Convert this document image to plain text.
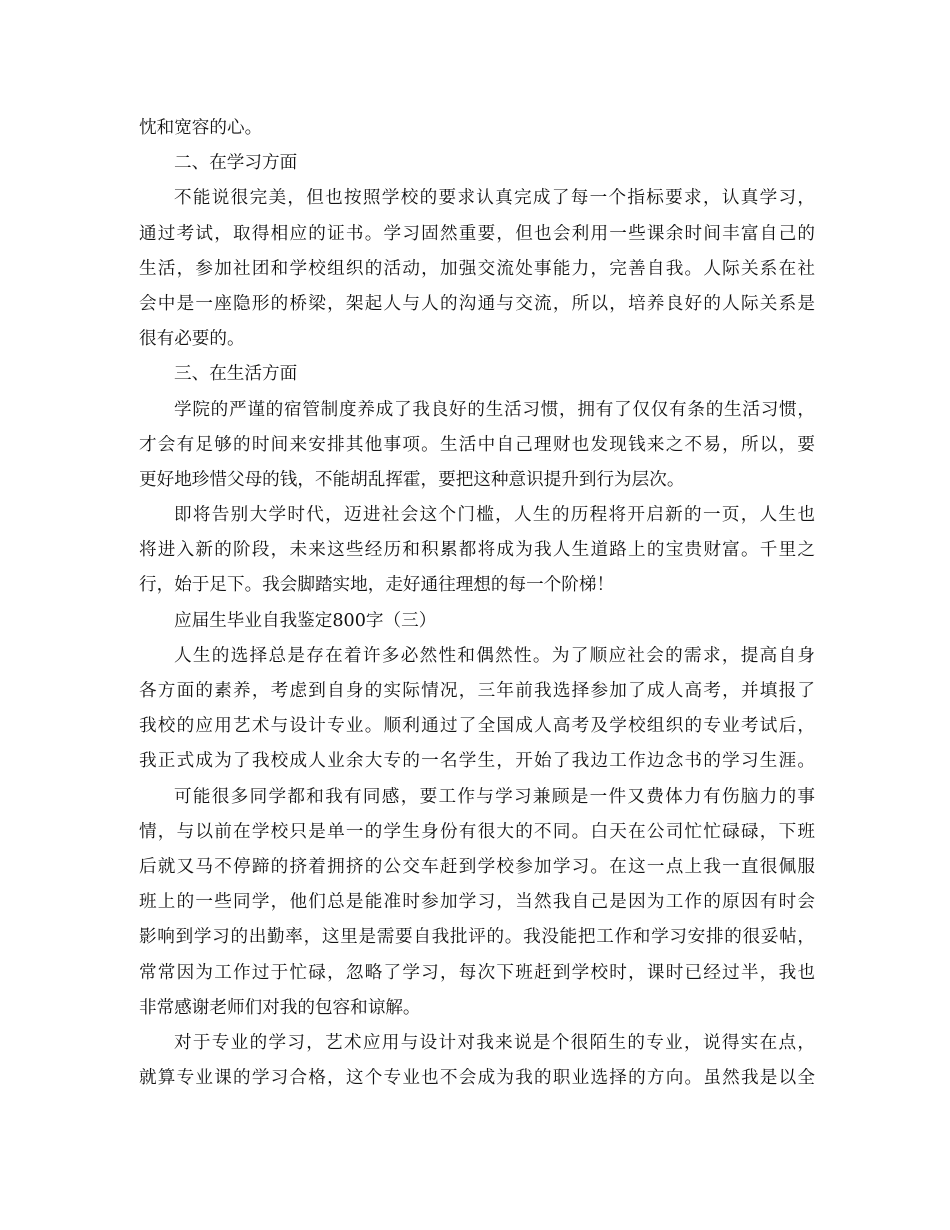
忱和宽容的心。
二、在学习方面
不能说很完美，但也按照学校的要求认真完成了每一个指标要求，认真学习，
通过考试，取得相应的证书。学习固然重要，但也会利用一些课余时间丰富自己的
生活，参加社团和学校组织的活动，加强交流处事能力，完善自我。人际关系在社
会中是一座隐形的桥梁，架起人与人的沟通与交流，所以，培养良好的人际关系是
很有必要的。
三、在生活方面
学院的严谨的宿管制度养成了我良好的生活习惯，拥有了仅仅有条的生活习惯，
才会有足够的时间来安排其他事项。生活中自己理财也发现钱来之不易，所以，要
更好地珍惜父母的钱，不能胡乱挥霍，要把这种意识提升到行为层次。
即将告别大学时代，迈进社会这个门槛，人生的历程将开启新的一页，人生也
将进入新的阶段，未来这些经历和积累都将成为我人生道路上的宝贵财富。千里之
行，始于足下。我会脚踏实地，走好通往理想的每一个阶梯！
应届生毕业自我鉴定800字（三）
人生的选择总是存在着许多必然性和偶然性。为了顺应社会的需求，提高自身
各方面的素养，考虑到自身的实际情况，三年前我选择参加了成人高考，并填报了
我校的应用艺术与设计专业。顺利通过了全国成人高考及学校组织的专业考试后，
我正式成为了我校成人业余大专的一名学生，开始了我边工作边念书的学习生涯。
可能很多同学都和我有同感，要工作与学习兼顾是一件又费体力有伤脑力的事
情，与以前在学校只是单一的学生身份有很大的不同。白天在公司忙忙碌碌，下班
后就又马不停蹄的挤着拥挤的公交车赶到学校参加学习。在这一点上我一直很佩服
班上的一些同学，他们总是能准时参加学习，当然我自己是因为工作的原因有时会
影响到学习的出勤率，这里是需要自我批评的。我没能把工作和学习安排的很妥帖，
常常因为工作过于忙碌，忽略了学习，每次下班赶到学校时，课时已经过半，我也
非常感谢老师们对我的包容和谅解。
对于专业的学习，艺术应用与设计对我来说是个很陌生的专业，说得实在点，
就算专业课的学习合格，这个专业也不会成为我的职业选择的方向。虽然我是以全
